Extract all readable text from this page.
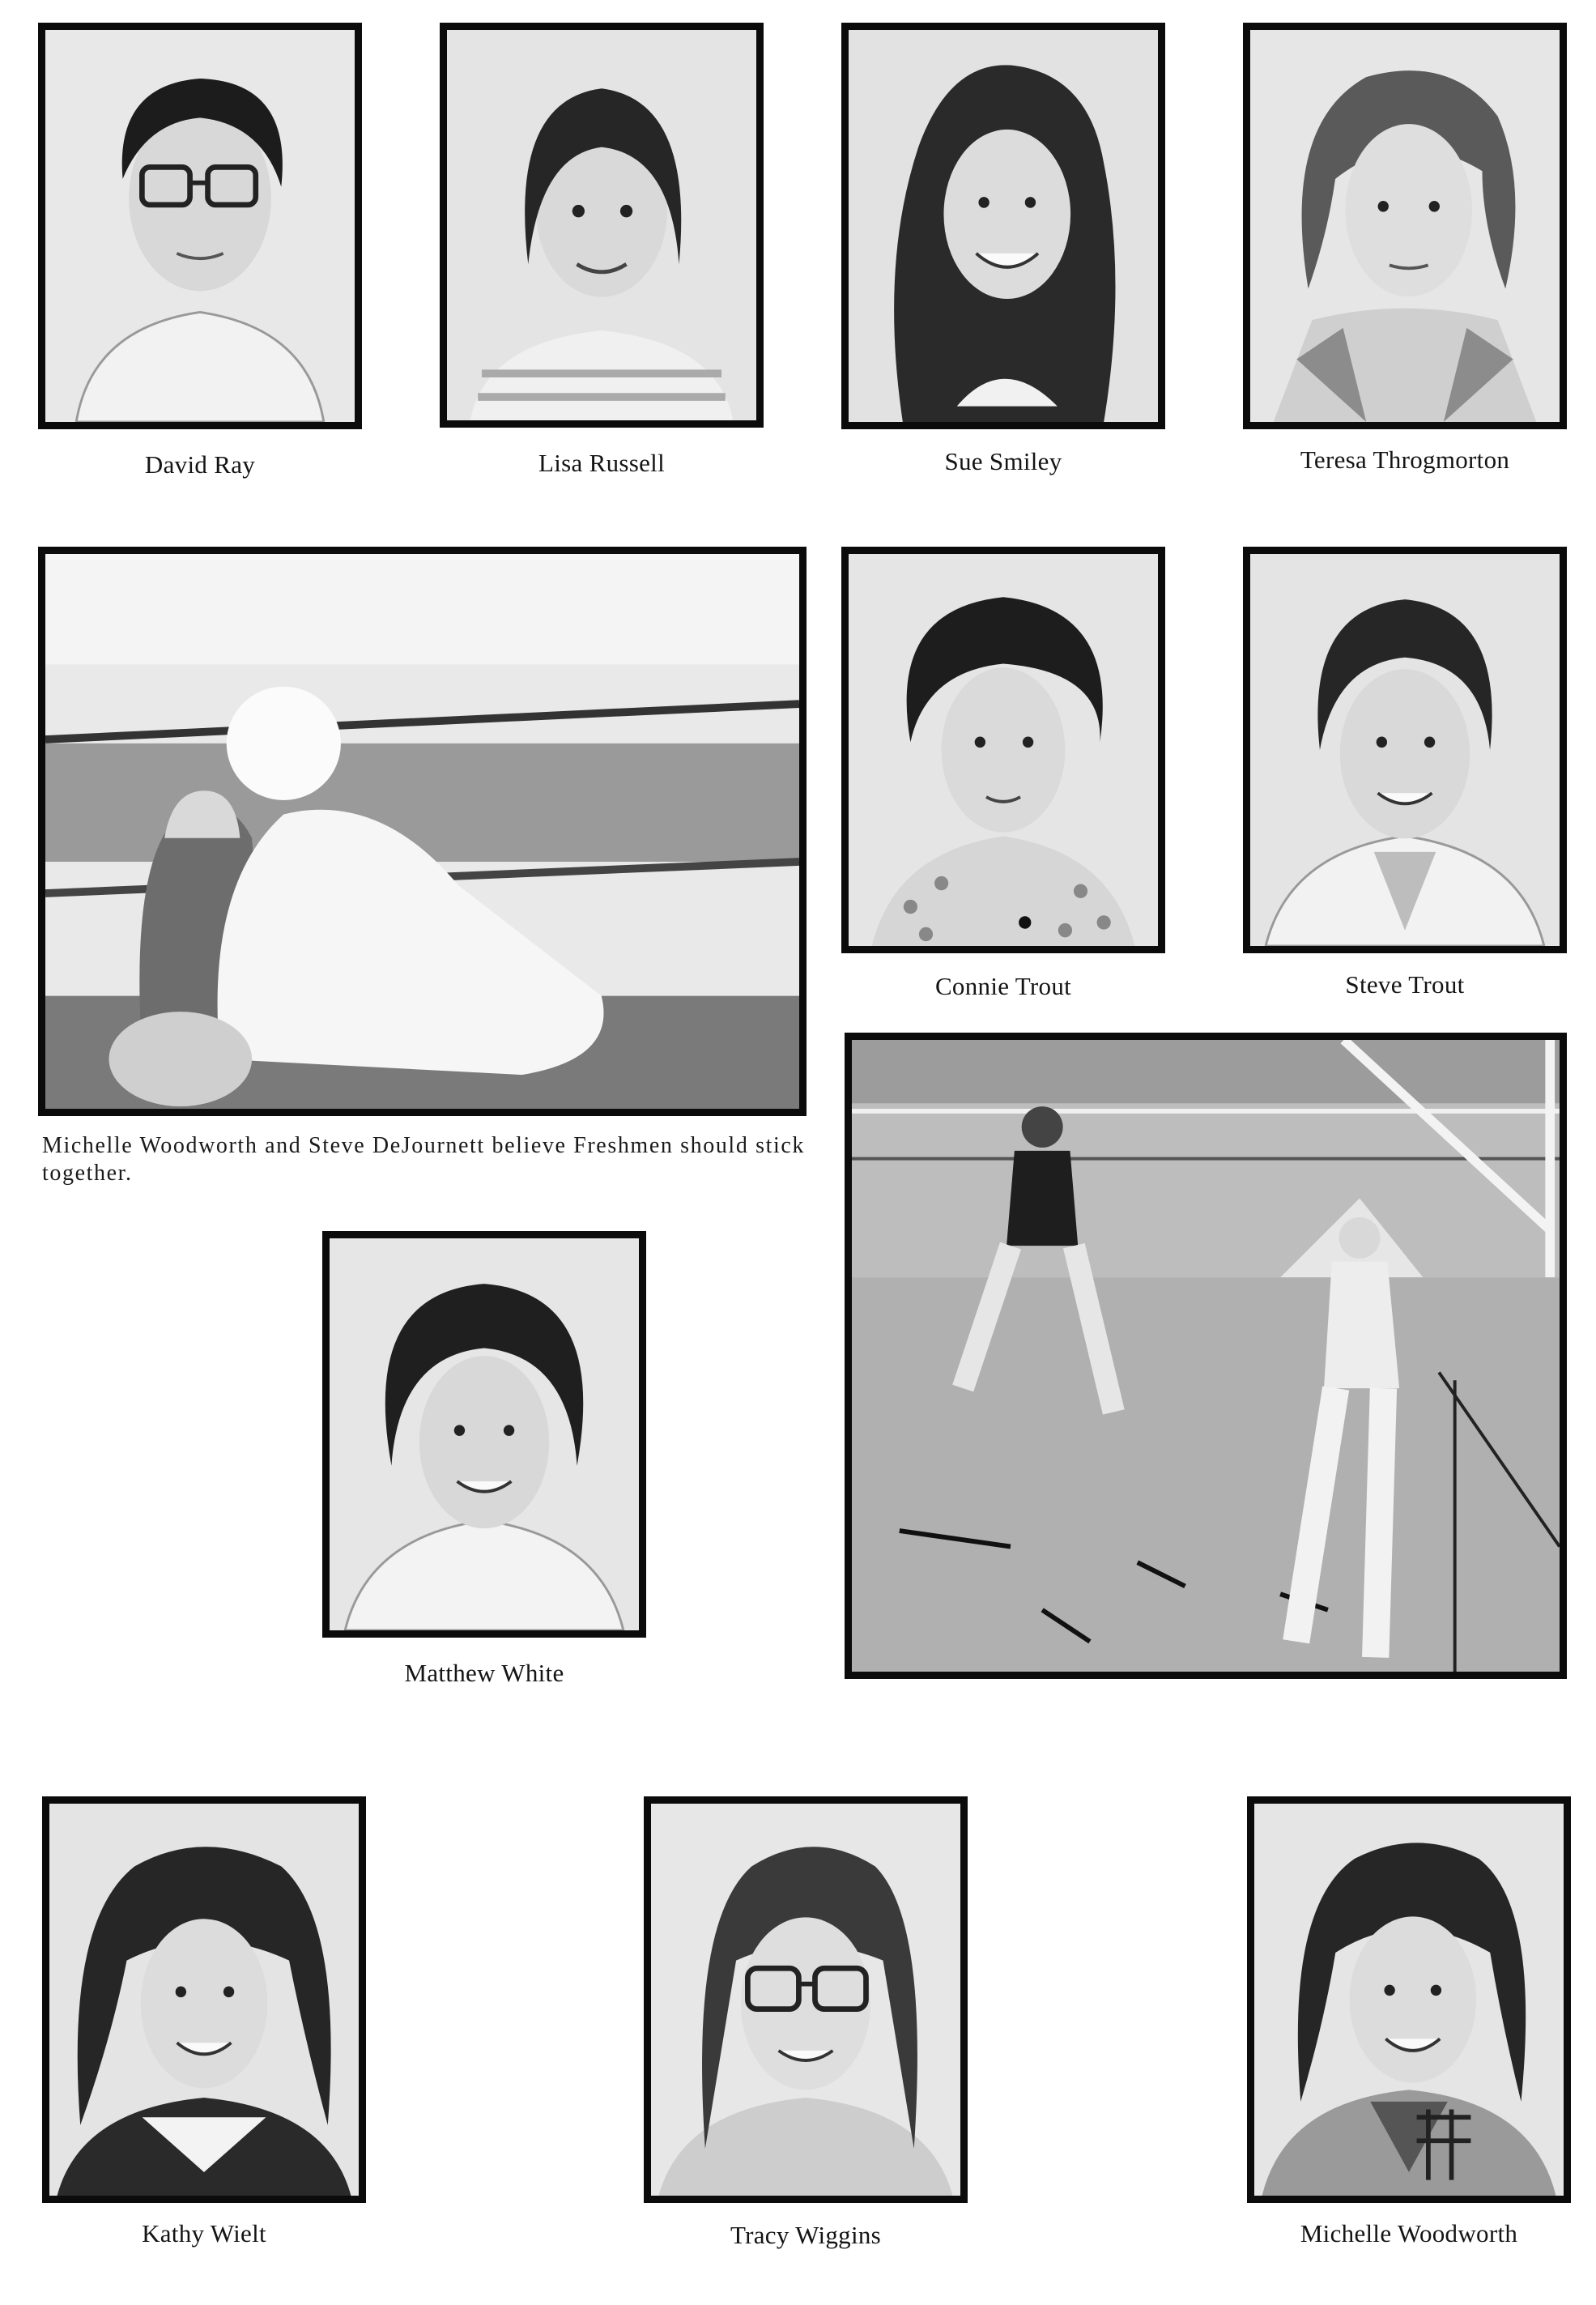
David Ray	Lisa Russell	Sue Smiley	Teresa Throgmorton
Michelle Woodworth and Steve DeJournett believe Freshmen should stick together.
Connie Trout	Steve Trout
Matthew White
Kathy Wielt	Tracy Wiggins	Michelle Woodworth
